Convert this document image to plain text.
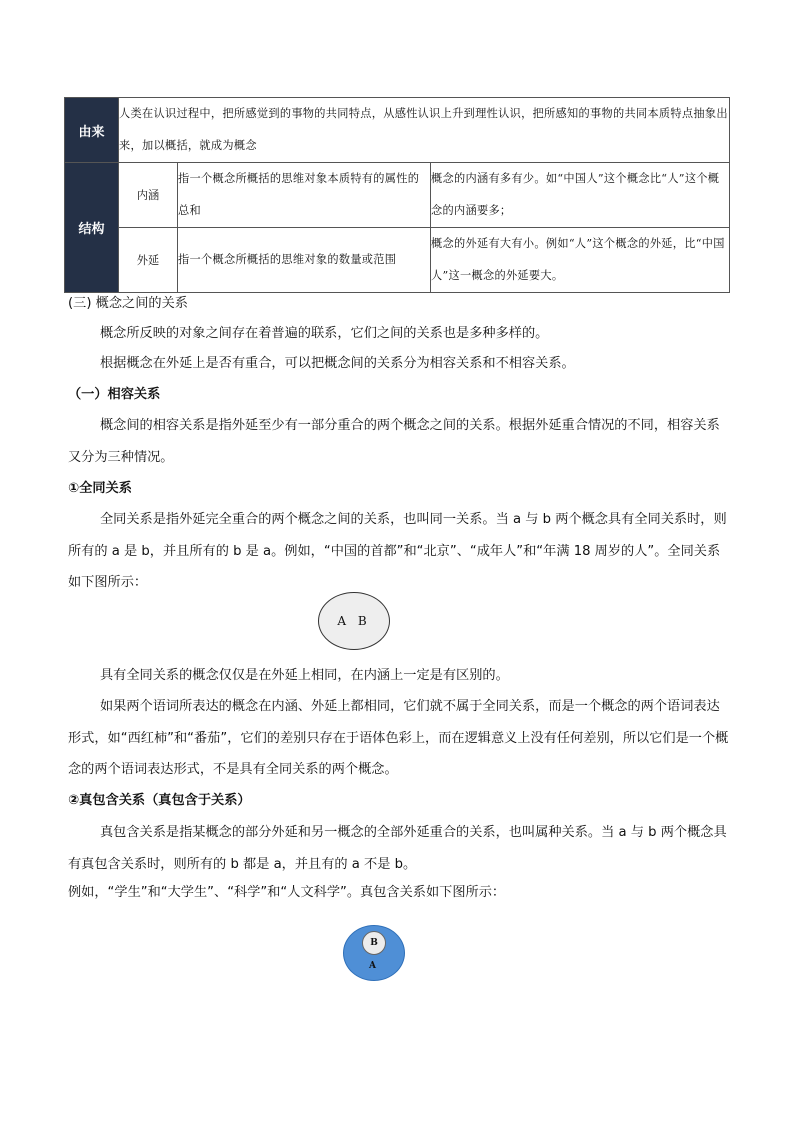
由来	人类在认识过程中，把所感觉到的事物的共同特点，从感性认识上升到理性认识，把所感知的事物的共同本质特点抽象出来，加以概括，就成为概念		
结构	内涵	指一个概念所概括的思维对象本质特有的属性的总和	概念的内涵有多有少。如“中国人”这个概念比“人”这个概念的内涵要多；
	外延	指一个概念所概括的思维对象的数量或范围	概念的外延有大有小。例如“人”这个概念的外延，比“中国人”这一概念的外延要大。
(三) 概念之间的关系
概念所反映的对象之间存在着普遍的联系，它们之间的关系也是多种多样的。
根据概念在外延上是否有重合，可以把概念间的关系分为相容关系和不相容关系。
（一）相容关系
概念间的相容关系是指外延至少有一部分重合的两个概念之间的关系。根据外延重合情况的不同，相容关系又分为三种情况。
①全同关系
全同关系是指外延完全重合的两个概念之间的关系，也叫同一关系。当 a 与 b 两个概念具有全同关系时，则所有的 a 是 b，并且所有的 b 是 a。例如，“中国的首都”和“北京”、“成年人”和“年满 18 周岁的人”。全同关系如下图所示：
A B
具有全同关系的概念仅仅是在外延上相同，在内涵上一定是有区别的。
如果两个语词所表达的概念在内涵、外延上都相同，它们就不属于全同关系，而是一个概念的两个语词表达形式，如“西红柿”和“番茄”，它们的差别只存在于语体色彩上，而在逻辑意义上没有任何差别，所以它们是一个概念的两个语词表达形式，不是具有全同关系的两个概念。
②真包含关系（真包含于关系）
真包含关系是指某概念的部分外延和另一概念的全部外延重合的关系，也叫属种关系。当 a 与 b 两个概念具有真包含关系时，则所有的 b 都是 a，并且有的 a 不是 b。
例如，“学生”和“大学生”、“科学”和“人文科学”。真包含关系如下图所示：
B
A
